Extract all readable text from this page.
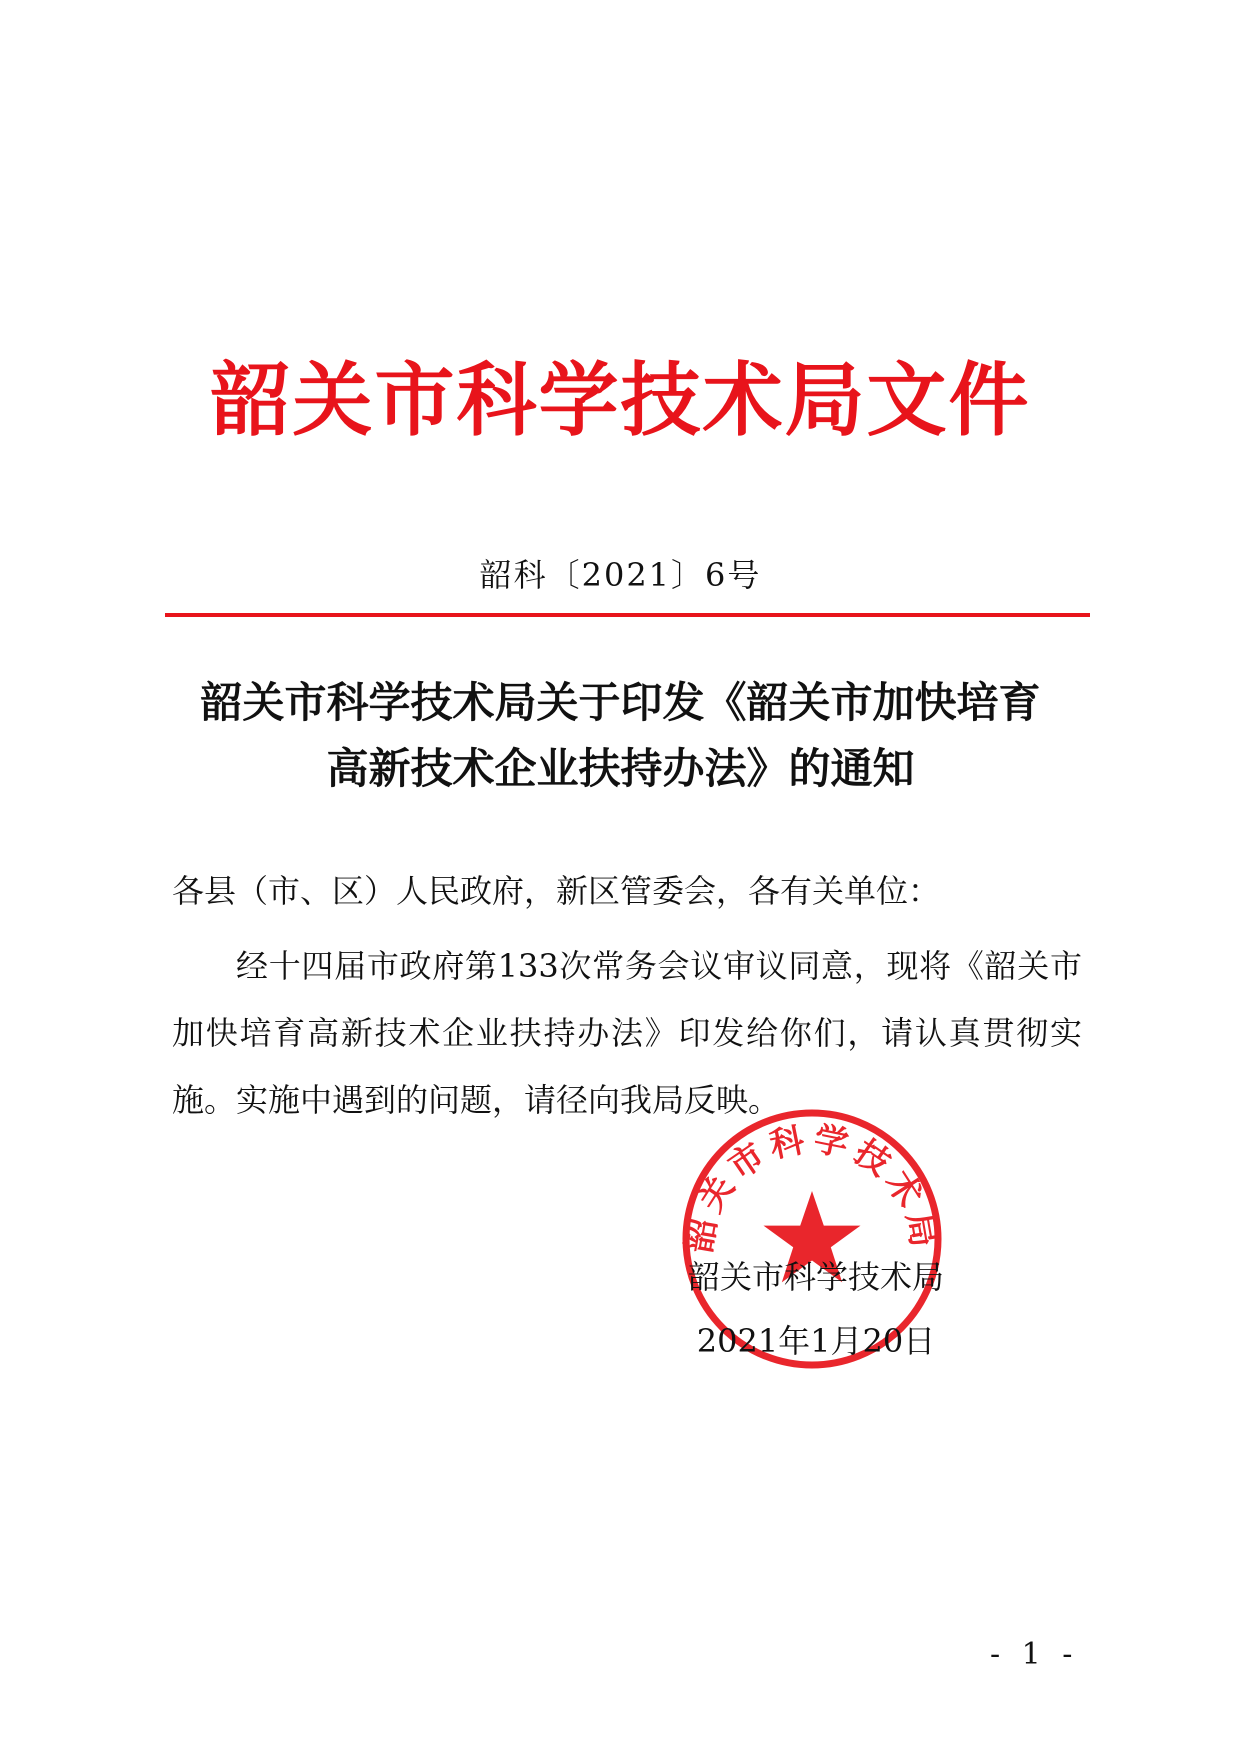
韶关市科学技术局文件
韶科〔2021〕6号
韶关市科学技术局关于印发《韶关市加快培育
高新技术企业扶持办法》的通知
各县（市、区）人民政府，新区管委会，各有关单位：
经十四届市政府第133次常务会议审议同意，现将《韶关市加快培育高新技术企业扶持办法》印发给你们，请认真贯彻实施。实施中遇到的问题，请径向我局反映。
韶关市科学技术局
韶关市科学技术局
2021年1月20日
- 1 -
